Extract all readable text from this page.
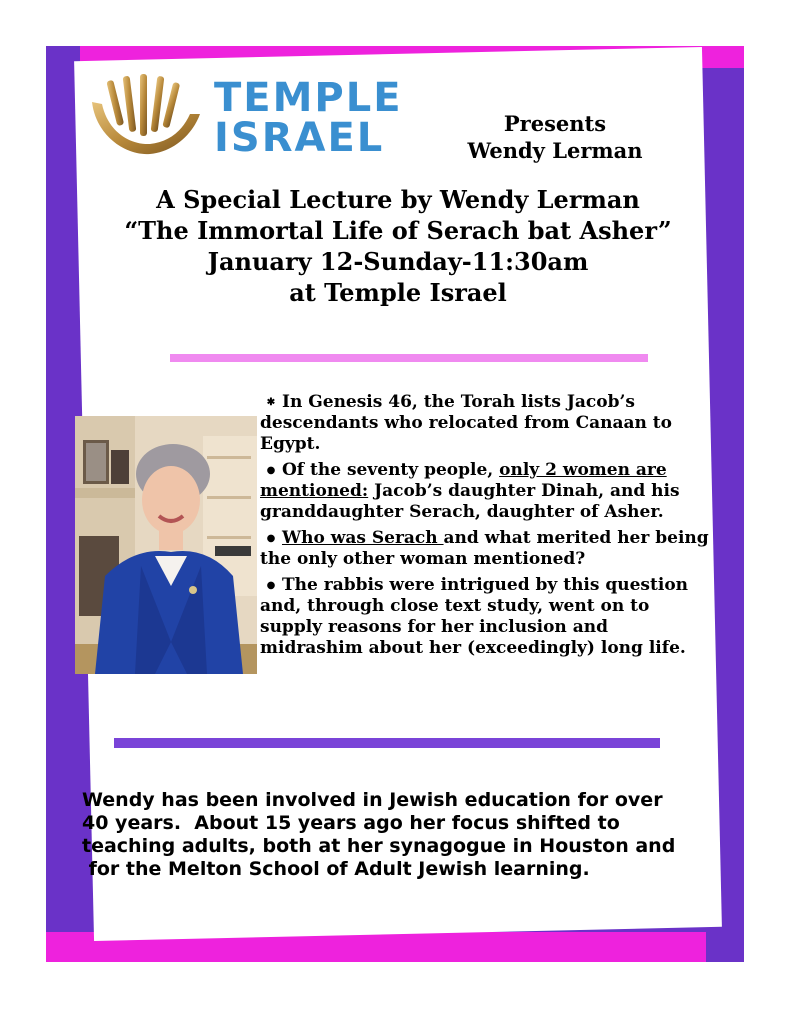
TEMPLE
ISRAEL	Presents
Wendy Lerman
A Special Lecture by Wendy Lerman
“The Immortal Life of Serach bat Asher”
January 12-Sunday-11:30am
at Temple Israel
✱ In Genesis 46, the Torah lists Jacob’s descendants who relocated from Canaan to Egypt.
● Of the seventy people, only 2 women are mentioned: Jacob’s daughter Dinah, and his granddaughter Serach, daughter of Asher.
● Who was Serach and what merited her being the only other woman mentioned?
● The rabbis were intrigued by this question and, through close text study, went on to supply reasons for her inclusion and midrashim about her (exceedingly) long life.
Wendy has been involved in Jewish education for over
40 years.  About 15 years ago her focus shifted to
teaching adults, both at her synagogue in Houston and
for the Melton School of Adult Jewish learning.
